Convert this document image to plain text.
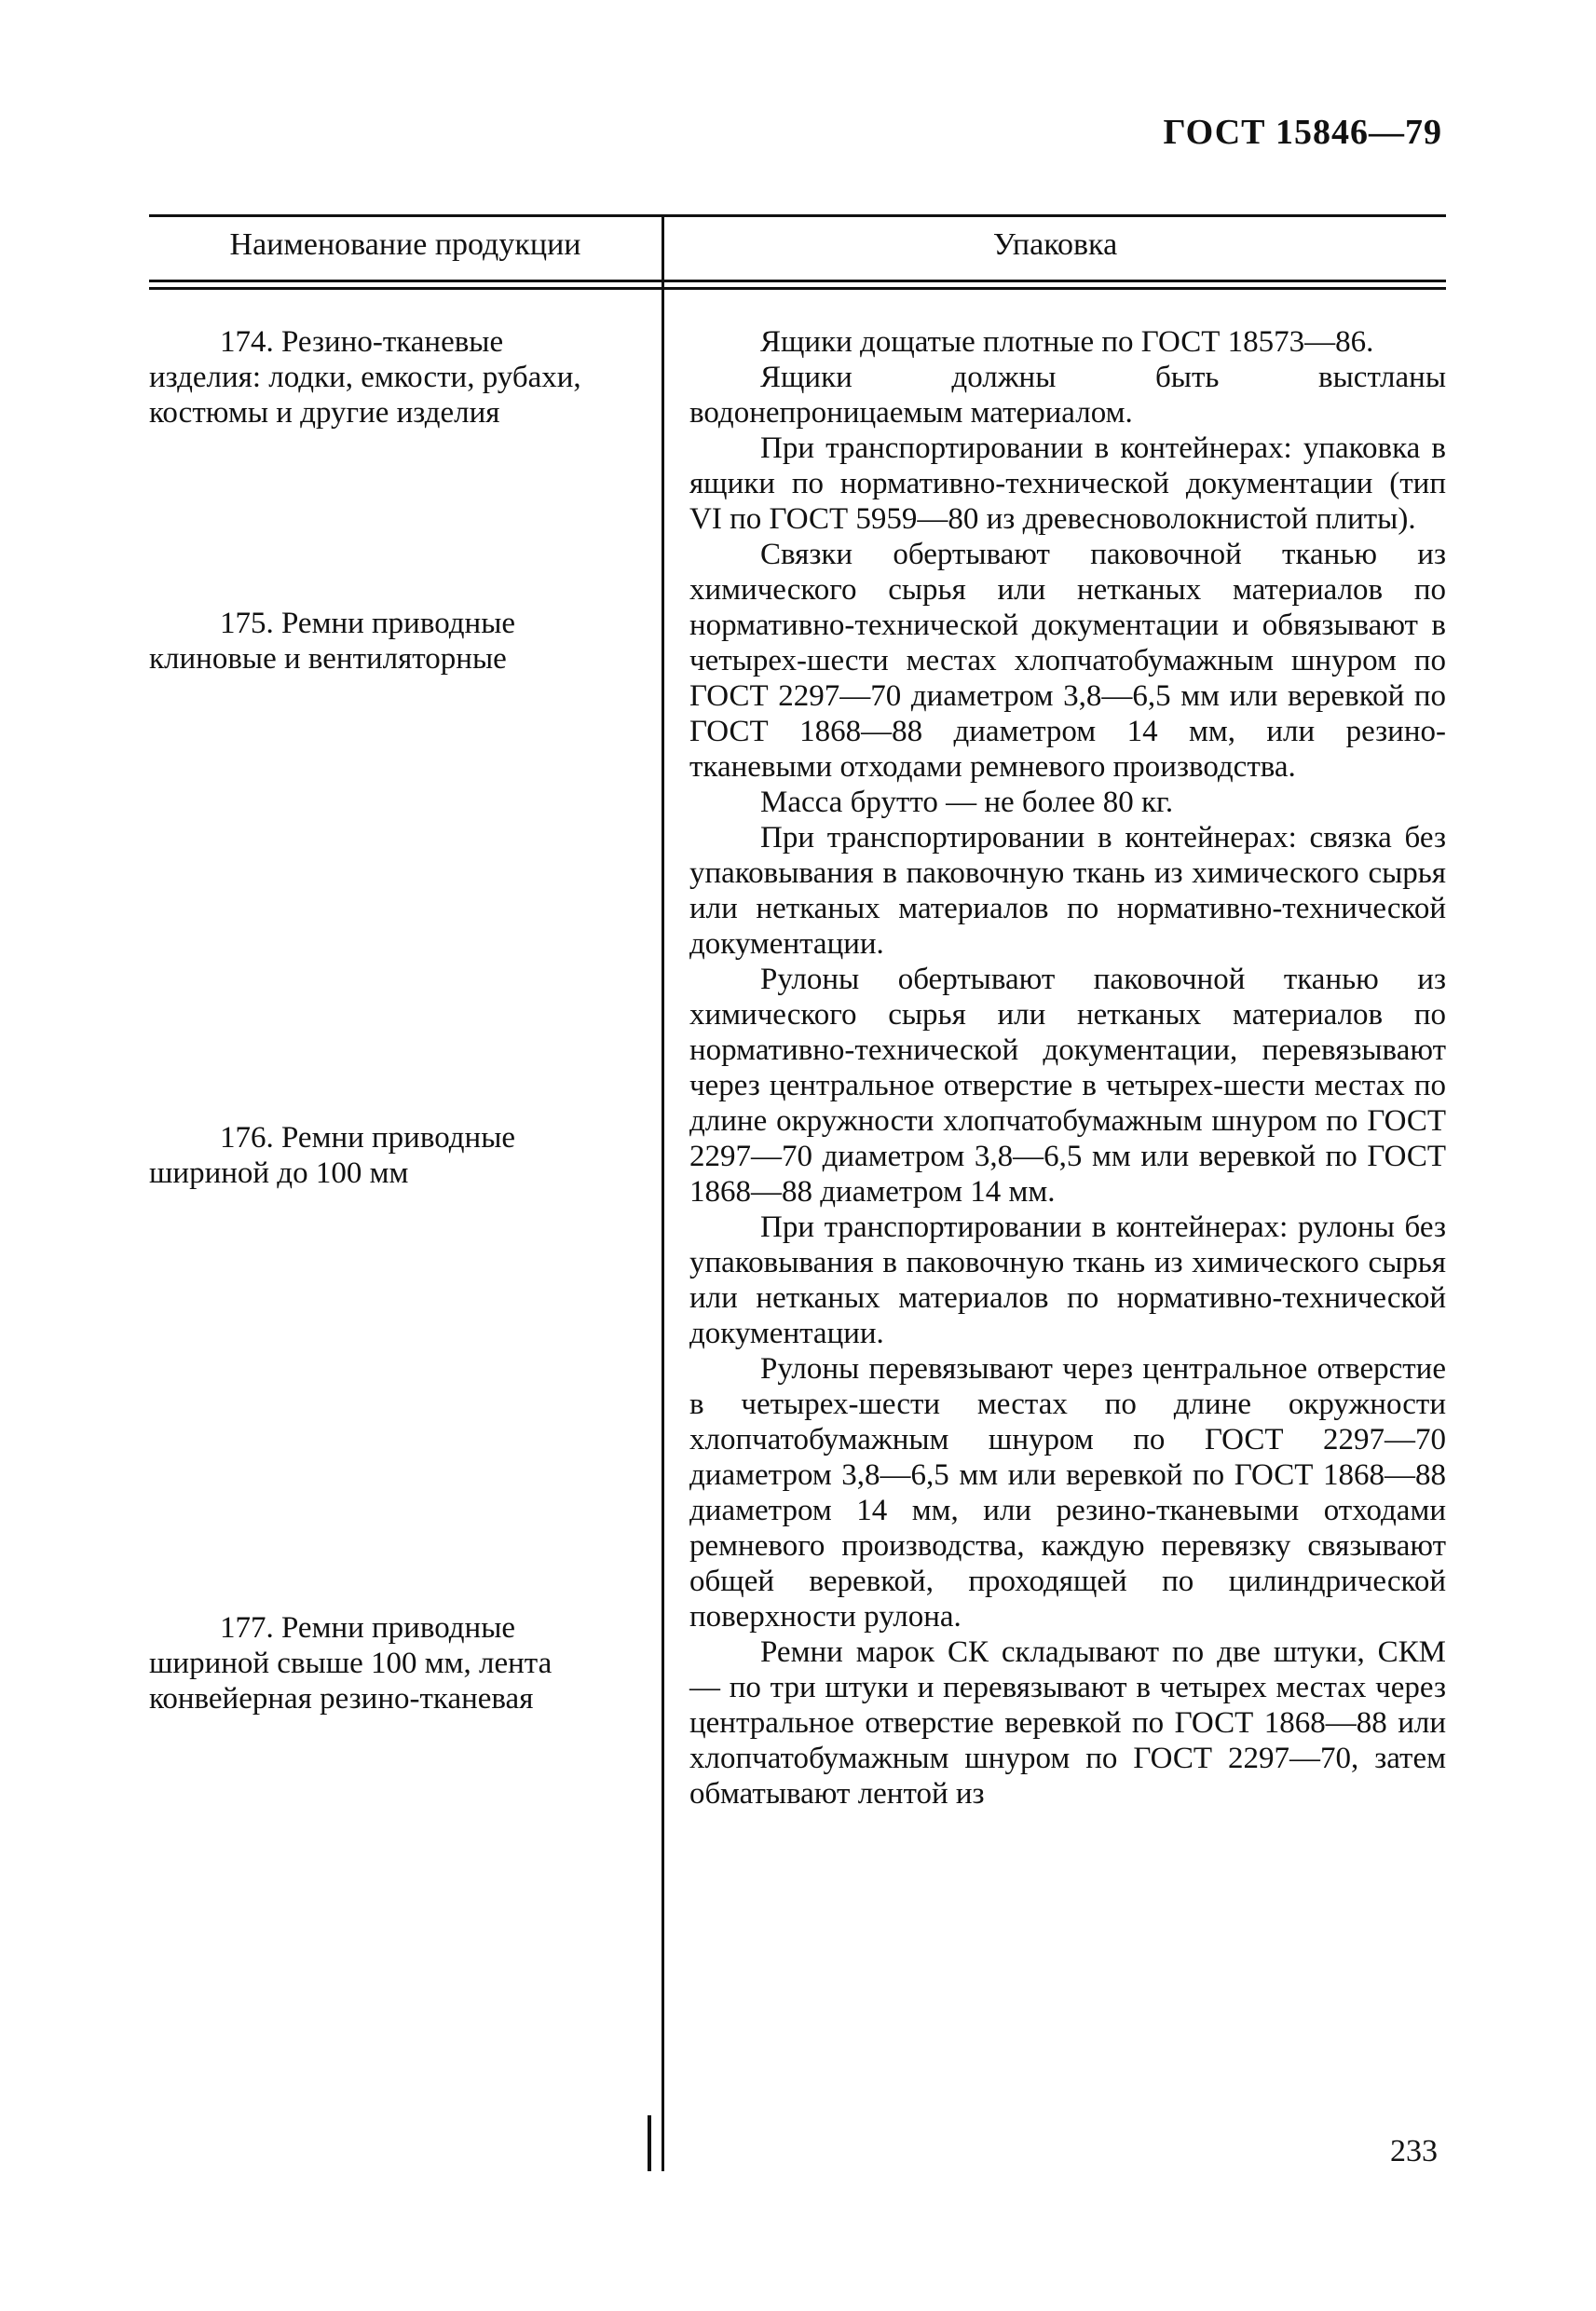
ГОСТ 15846—79
Наименование продукции	Упаковка
174. Резино-тканевые изделия: лодки, емкости, рубахи, костюмы и другие изделия
175. Ремни приводные клиновые и вентиляторные
176. Ремни приводные шириной до 100 мм
177. Ремни приводные шириной свыше 100 мм, лента конвейерная резино-тканевая

Ящики дощатые плотные по ГОСТ 18573—86.

Ящики должны быть выстланы водонепроницаемым материалом.

При транспортировании в контейнерах: упаковка в ящики по нормативно-технической документации (тип VI по ГОСТ 5959—80 из древесноволокнистой плиты).

Связки обертывают паковочной тканью из химического сырья или нетканых материалов по нормативно-технической документации и обвязывают в четырех-шести местах хлопчатобумажным шнуром по ГОСТ 2297—70 диаметром 3,8—6,5 мм или веревкой по ГОСТ 1868—88 диаметром 14 мм, или резино-тканевыми отходами ремневого производства.

Масса брутто — не более 80 кг.

При транспортировании в контейнерах: связка без упаковывания в паковочную ткань из химического сырья или нетканых материалов по нормативно-технической документации.

Рулоны обертывают паковочной тканью из химического сырья или нетканых материалов по нормативно-технической документации, перевязывают через центральное отверстие в четырех-шести местах по длине окружности хлопчатобумажным шнуром по ГОСТ 2297—70 диаметром 3,8—6,5 мм или веревкой по ГОСТ 1868—88 диаметром 14 мм.

При транспортировании в контейнерах: рулоны без упаковывания в паковочную ткань из химического сырья или нетканых материалов по нормативно-технической документации.

Рулоны перевязывают через центральное отверстие в четырех-шести местах по длине окружности хлопчатобумажным шнуром по ГОСТ 2297—70 диаметром 3,8—6,5 мм или веревкой по ГОСТ 1868—88 диаметром 14 мм, или резино-тканевыми отходами ремневого производства, каждую перевязку связывают общей веревкой, проходящей по цилиндрической поверхности рулона.

Ремни марок СК складывают по две штуки, СКМ — по три штуки и перевязывают в четырех местах через центральное отверстие веревкой по ГОСТ 1868—88 или хлопчатобумажным шнуром по ГОСТ 2297—70, затем обматывают лентой из

233
